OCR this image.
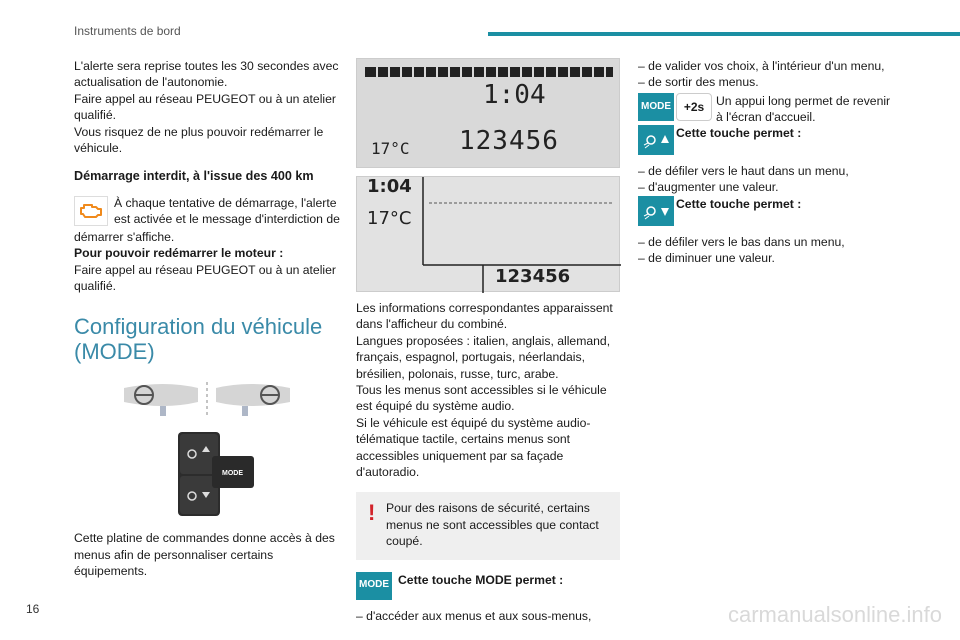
Instruments de bord
L'alerte sera reprise toutes les 30 secondes avec actualisation de l'autonomie.
Faire appel au réseau PEUGEOT ou à un atelier qualifié.
Vous risquez de ne plus pouvoir redémarrer le véhicule.
Démarrage interdit, à l'issue des 400 km
À chaque tentative de démarrage, l'alerte
est activée et le message d'interdiction de
démarrer s'affiche.
Pour pouvoir redémarrer le moteur :
Faire appel au réseau PEUGEOT ou à un atelier qualifié.
Configuration du véhicule (MODE)
MODE
Cette platine de commandes donne accès à des menus afin de personnaliser certains équipements.
1:04
17°C 123456
1:04
17°C
123456
Les informations correspondantes apparaissent dans l'afficheur du combiné.
Langues proposées : italien, anglais, allemand, français, espagnol, portugais, néerlandais, brésilien, polonais, russe, turc, arabe.
Tous les menus sont accessibles si le véhicule est équipé du système audio.
Si le véhicule est équipé du système audio-télématique tactile, certains menus sont accessibles uniquement par sa façade d'autoradio.
! Pour des raisons de sécurité, certains menus ne sont accessibles que contact coupé.
MODE Cette touche MODE permet :
– d'accéder aux menus et aux sous-menus,
– de valider vos choix, à l'intérieur d'un menu,
– de sortir des menus.
MODE	+2s Un appui long permet de revenir à l'écran d'accueil.
Cette touche permet :
– de défiler vers le haut dans un menu,
– d'augmenter une valeur.
Cette touche permet :
– de défiler vers le bas dans un menu,
– de diminuer une valeur.
16	carmanualsonline.info
